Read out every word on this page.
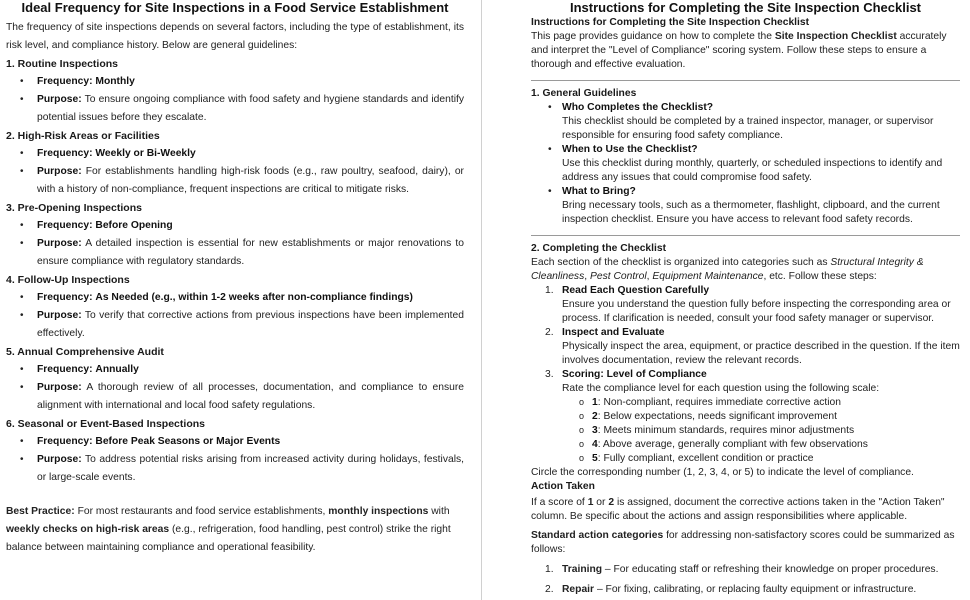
Ideal Frequency for Site Inspections in a Food Service Establishment

The frequency of site inspections depends on several factors, including the type of establishment, its risk level, and compliance history. Below are general guidelines:

1. Routine Inspections

• Frequency: Monthly
• Purpose: To ensure ongoing compliance with food safety and hygiene standards and identify potential issues before they escalate.

2. High-Risk Areas or Facilities

• Frequency: Weekly or Bi-Weekly
• Purpose: For establishments handling high-risk foods (e.g., raw poultry, seafood, dairy), or with a history of non-compliance, frequent inspections are critical to mitigate risks.

3. Pre-Opening Inspections

• Frequency: Before Opening
• Purpose: A detailed inspection is essential for new establishments or major renovations to ensure compliance with regulatory standards.

4. Follow-Up Inspections

• Frequency: As Needed (e.g., within 1-2 weeks after non-compliance findings)
• Purpose: To verify that corrective actions from previous inspections have been implemented effectively.

5. Annual Comprehensive Audit

• Frequency: Annually
• Purpose: A thorough review of all processes, documentation, and compliance to ensure alignment with international and local food safety regulations.

6. Seasonal or Event-Based Inspections

• Frequency: Before Peak Seasons or Major Events
• Purpose: To address potential risks arising from increased activity during holidays, festivals, or large-scale events.

Best Practice: For most restaurants and food service establishments, monthly inspections with weekly checks on high-risk areas (e.g., refrigeration, food handling, pest control) strike the right balance between maintaining compliance and operational feasibility.

Instructions for Completing the Site Inspection Checklist

Instructions for Completing the Site Inspection Checklist

This page provides guidance on how to complete the Site Inspection Checklist accurately and interpret the "Level of Compliance" scoring system. Follow these steps to ensure a thorough and effective evaluation.

1. General Guidelines

• Who Completes the Checklist?
This checklist should be completed by a trained inspector, manager, or supervisor responsible for ensuring food safety compliance.
• When to Use the Checklist?
Use this checklist during monthly, quarterly, or scheduled inspections to identify and address any issues that could compromise food safety.
• What to Bring?
Bring necessary tools, such as a thermometer, flashlight, clipboard, and the current inspection checklist. Ensure you have access to relevant food safety records.

2. Completing the Checklist

Each section of the checklist is organized into categories such as Structural Integrity & Cleanliness, Pest Control, Equipment Maintenance, etc. Follow these steps:

1. Read Each Question Carefully
Ensure you understand the question fully before inspecting the corresponding area or process. If clarification is needed, consult your food safety manager or supervisor.
2. Inspect and Evaluate
Physically inspect the area, equipment, or practice described in the question. If the item involves documentation, review the relevant records.
3. Scoring: Level of Compliance
Rate the compliance level for each question using the following scale:
o 1: Non-compliant, requires immediate corrective action
o 2: Below expectations, needs significant improvement
o 3: Meets minimum standards, requires minor adjustments
o 4: Above average, generally compliant with few observations
o 5: Fully compliant, excellent condition or practice

Circle the corresponding number (1, 2, 3, 4, or 5) to indicate the level of compliance.

Action Taken

If a score of 1 or 2 is assigned, document the corrective actions taken in the "Action Taken" column. Be specific about the actions and assign responsibilities where applicable.

Standard action categories for addressing non-satisfactory scores could be summarized as follows:

1. Training – For educating staff or refreshing their knowledge on proper procedures.
2. Repair – For fixing, calibrating, or replacing faulty equipment or infrastructure.
